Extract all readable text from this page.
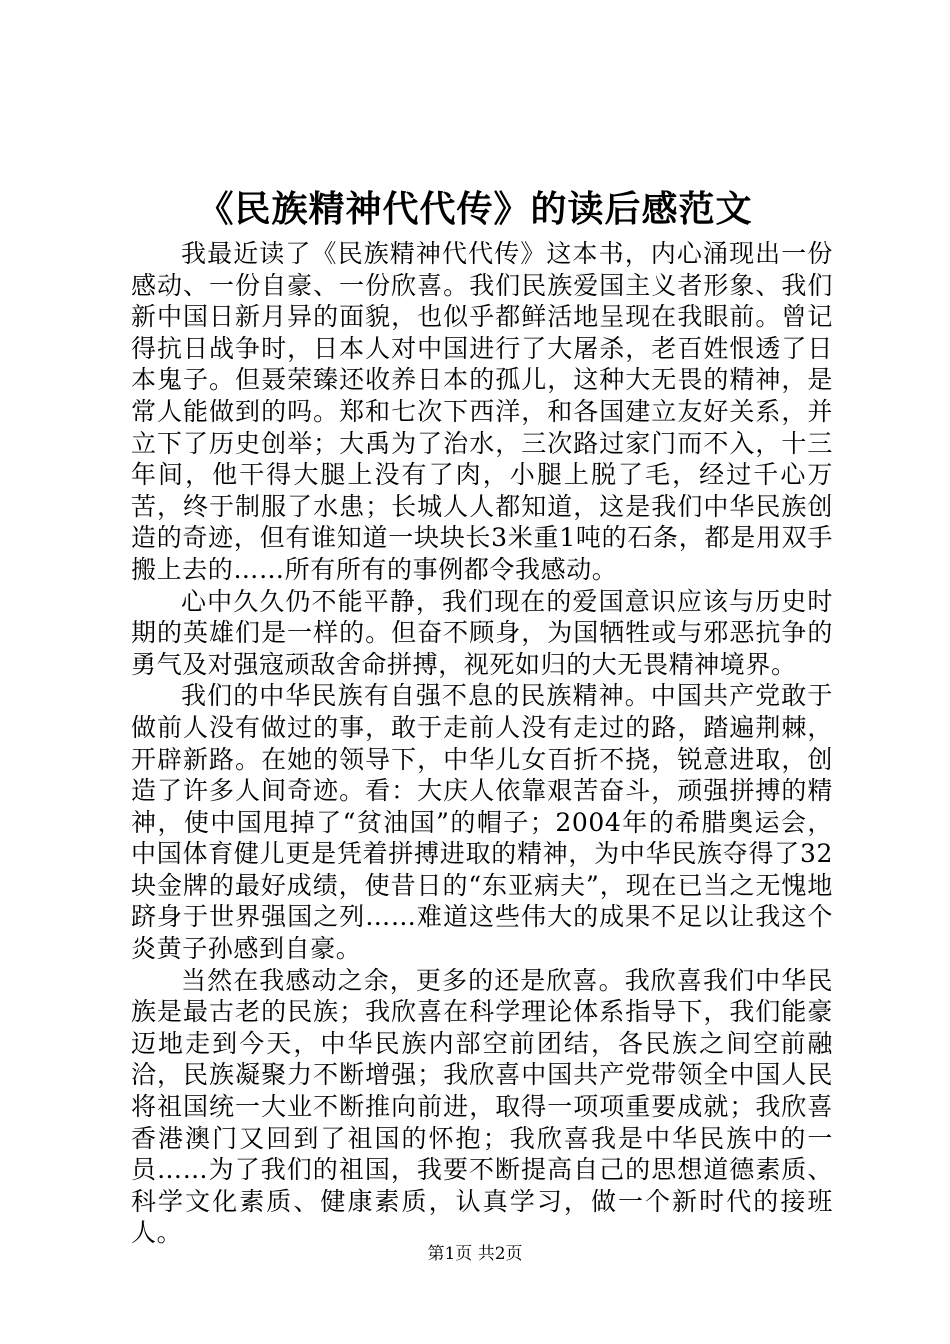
《民族精神代代传》的读后感范文

我最近读了《民族精神代代传》这本书，内心涌现出一份感动、一份自豪、一份欣喜。我们民族爱国主义者形象、我们新中国日新月异的面貌，也似乎都鲜活地呈现在我眼前。曾记得抗日战争时，日本人对中国进行了大屠杀，老百姓恨透了日本鬼子。但聂荣臻还收养日本的孤儿，这种大无畏的精神，是常人能做到的吗。郑和七次下西洋，和各国建立友好关系，并立下了历史创举；大禹为了治水，三次路过家门而不入，十三年间，他干得大腿上没有了肉，小腿上脱了毛，经过千心万苦，终于制服了水患；长城人人都知道，这是我们中华民族创造的奇迹，但有谁知道一块块长3米重1吨的石条，都是用双手搬上去的……所有所有的事例都令我感动。

心中久久仍不能平静，我们现在的爱国意识应该与历史时期的英雄们是一样的。但奋不顾身，为国牺牲或与邪恶抗争的勇气及对强寇顽敌舍命拼搏，视死如归的大无畏精神境界。

我们的中华民族有自强不息的民族精神。中国共产党敢于做前人没有做过的事，敢于走前人没有走过的路，踏遍荆棘，开辟新路。在她的领导下，中华儿女百折不挠，锐意进取，创造了许多人间奇迹。看：大庆人依靠艰苦奋斗，顽强拼搏的精神，使中国甩掉了“贫油国”的帽子；2004年的希腊奥运会，中国体育健儿更是凭着拼搏进取的精神，为中华民族夺得了32块金牌的最好成绩，使昔日的“东亚病夫”，现在已当之无愧地跻身于世界强国之列……难道这些伟大的成果不足以让我这个炎黄子孙感到自豪。

当然在我感动之余，更多的还是欣喜。我欣喜我们中华民族是最古老的民族；我欣喜在科学理论体系指导下，我们能豪迈地走到今天，中华民族内部空前团结，各民族之间空前融洽，民族凝聚力不断增强；我欣喜中国共产党带领全中国人民将祖国统一大业不断推向前进，取得一项项重要成就；我欣喜香港澳门又回到了祖国的怀抱；我欣喜我是中华民族中的一员……为了我们的祖国，我要不断提高自己的思想道德素质、科学文化素质、健康素质，认真学习，做一个新时代的接班人。

第1页 共2页
